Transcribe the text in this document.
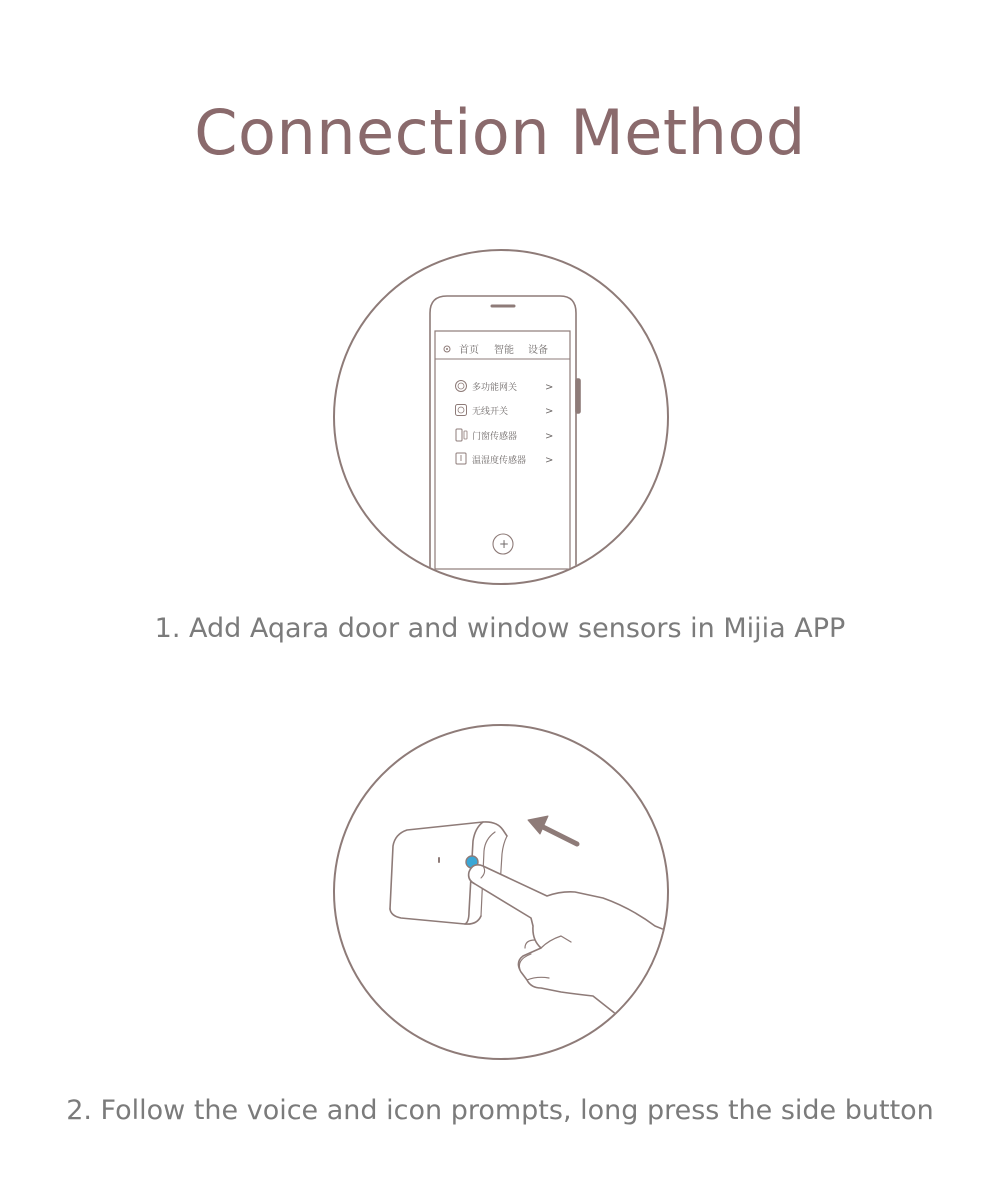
Connection Method
首页 智能 设备
多功能网关
无线开关
门窗传感器
温湿度传感器
>
>
>
>
+

1. Add Aqara door and window sensors in Mijia APP

2. Follow the voice and icon prompts, long press the side button
